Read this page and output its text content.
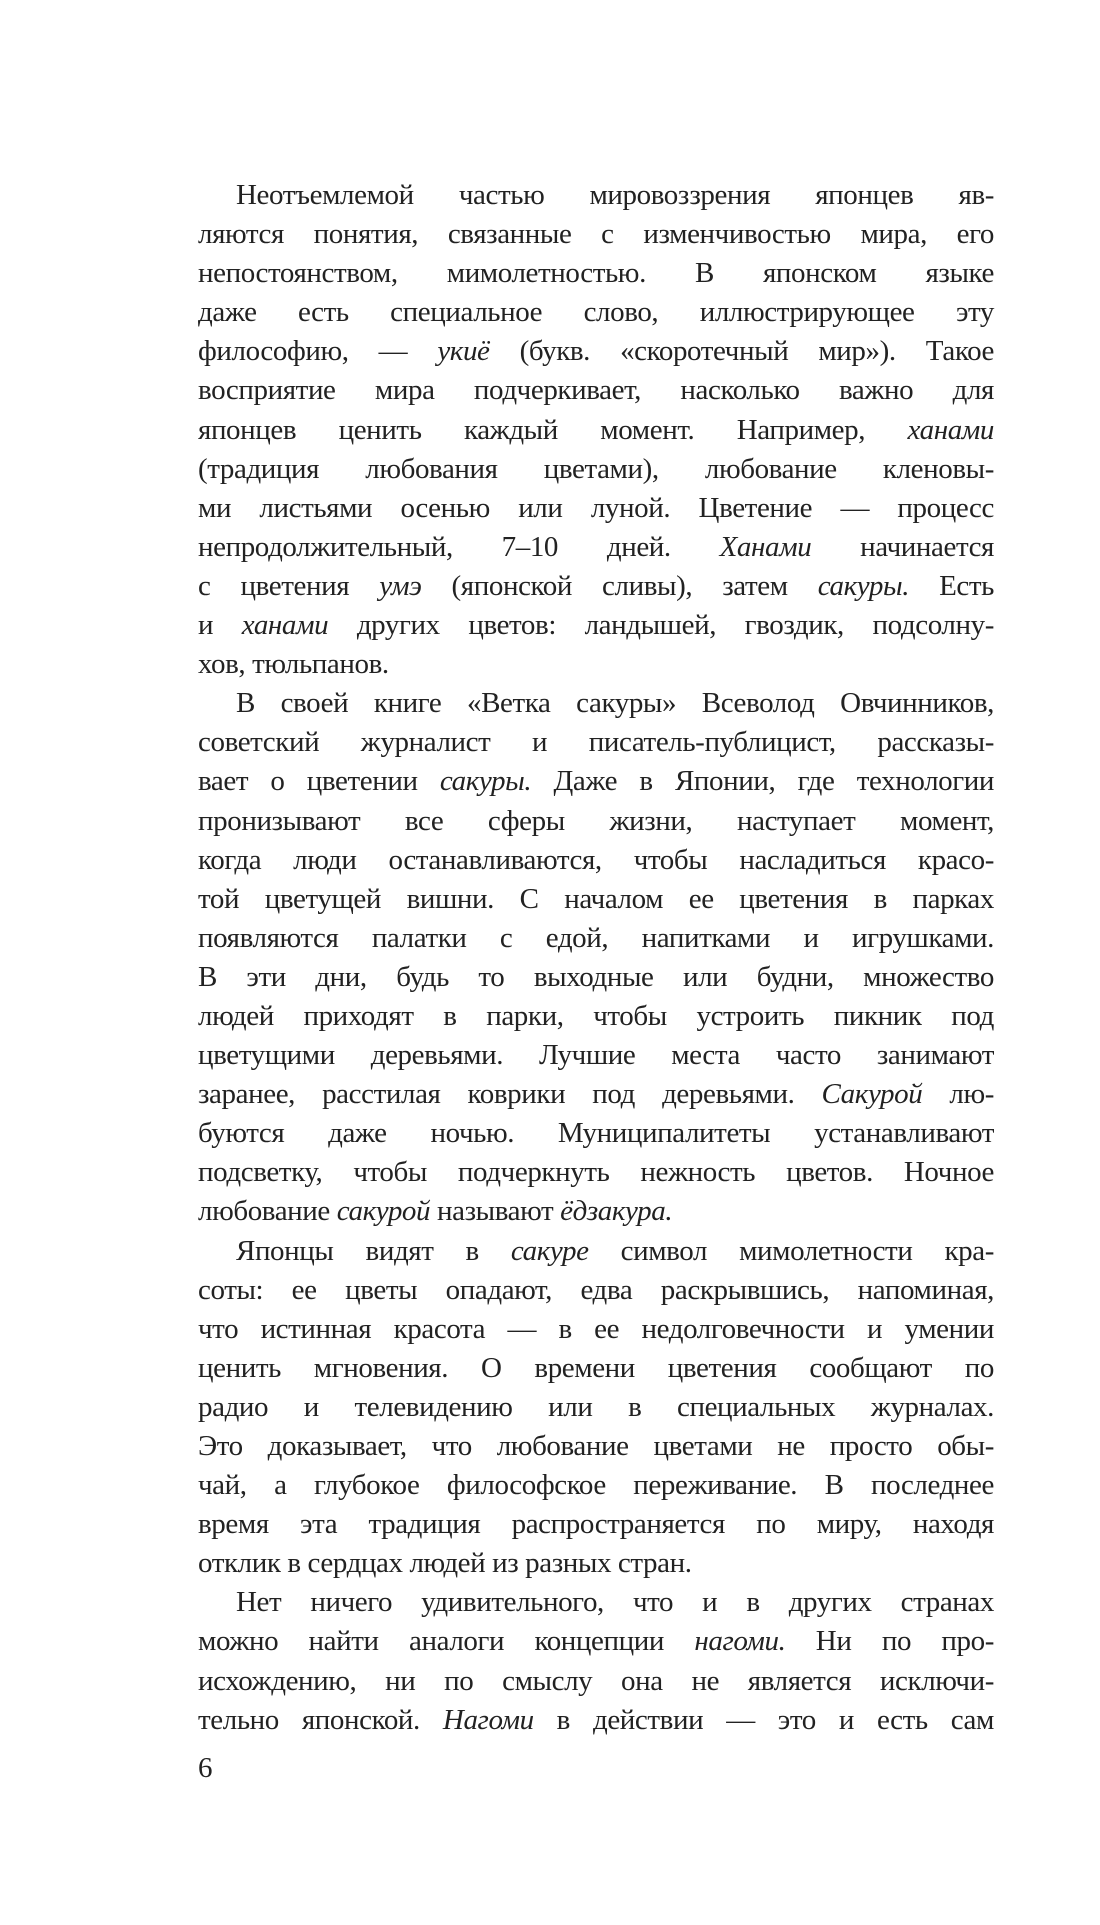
Неотъемлемой частью мировоззрения японцев яв-
ляются понятия, связанные с изменчивостью мира, его
непостоянством, мимолетностью. В японском языке
даже есть специальное слово, иллюстрирующее эту
философию, — укиё (букв. «скоротечный мир»). Такое
восприятие мира подчеркивает, насколько важно для
японцев ценить каждый момент. Например, ханами
(традиция любования цветами), любование кленовы-
ми листьями осенью или луной. Цветение — процесс
непродолжительный, 7–10 дней. Ханами начинается
с цветения умэ (японской сливы), затем сакуры. Есть
и ханами других цветов: ландышей, гвоздик, подсолну-
хов, тюльпанов.
В своей книге «Ветка сакуры» Всеволод Овчинников,
советский журналист и писатель-публицист, рассказы-
вает о цветении сакуры. Даже в Японии, где технологии
пронизывают все сферы жизни, наступает момент,
когда люди останавливаются, чтобы насладиться красо-
той цветущей вишни. С началом ее цветения в парках
появляются палатки с едой, напитками и игрушками.
В эти дни, будь то выходные или будни, множество
людей приходят в парки, чтобы устроить пикник под
цветущими деревьями. Лучшие места часто занимают
заранее, расстилая коврики под деревьями. Сакурой лю-
буются даже ночью. Муниципалитеты устанавливают
подсветку, чтобы подчеркнуть нежность цветов. Ночное
любование сакурой называют ёдзакура.
Японцы видят в сакуре символ мимолетности кра-
соты: ее цветы опадают, едва раскрывшись, напоминая,
что истинная красота — в ее недолговечности и умении
ценить мгновения. О времени цветения сообщают по
радио и телевидению или в специальных журналах.
Это доказывает, что любование цветами не просто обы-
чай, а глубокое философское переживание. В последнее
время эта традиция распространяется по миру, находя
отклик в сердцах людей из разных стран.
Нет ничего удивительного, что и в других странах
можно найти аналоги концепции нагоми. Ни по про-
исхождению, ни по смыслу она не является исключи-
тельно японской. Нагоми в действии — это и есть сам
6
